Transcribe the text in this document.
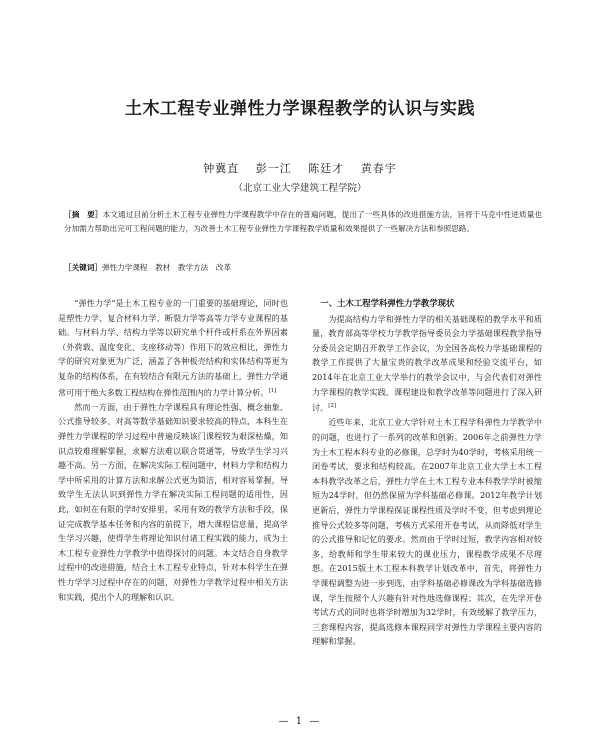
土木工程专业弹性力学课程教学的认识与实践
钟冀直 彭一江 陈廷才 黄春宇
（北京工业大学建筑工程学院）
［摘　要］本文通过目前分析土木工程专业弹性力学课程教学中存在的普遍问题，提出了一些具体的改进措施方法，旨将于马克中性进质量也分加需力帮助出完可工程问题的能力，为改善土木工程专业弹性力学课程教学质量和效果提供了一些解决方法和参照思路。
［关键词］弹性力学课程　教材　教学方法　改革

“弹性力学”是土木工程专业的一门重要的基础理论，同时也是塑性力学、复合材料力学、断裂力学等高等力学专业课程的基础。与材料力学、结构力学等以研究单个杆件或杆系在外界因素（外荷载、温度变化、支座移动等）作用下的效应相比，弹性力学的研究对象更为广泛，涵盖了各种板壳结构和实体结构等更为复杂的结构体系，在有较结合有限元方法的基础上，弹性力学通常可用于绝大多数工程结构在弹性范围内的力学计算分析。[1]

然而一方面，由于弹性力学课程具有理论性强、概念抽象、公式推导较多、对高等数学基础知识要求较高的特点，本科生在弹性力学课程的学习过程中普遍反映该门课程较为艰深枯燥，知识点较难理解掌握，求解方法难以联合贯通等，导致学生学习兴趣不高。另一方面，在解决实际工程问题中，材料力学和结构力学中所采用的计算方法和求解公式更为简洁，相对容易掌握，导致学生无法认识到弹性力学在解决实际工程问题的适用性，因此，如何在有限的学时安排里，采用有效的教学方法和手段，保证完成教学基本任务和内容的前提下，增大课程信息量，提高学生学习兴趣，使得学生将理论知识付诸工程实践的能力，成为土木工程专业弹性力学教学中值得探讨的问题。本文结合自身教学过程中的改进措施，结合土木工程专业特点，针对本科学生在弹性力学学习过程中存在的问题，对弹性力学教学过程中相关方法和实践，提出个人的理解和认识。

一、土木工程学科弹性力学教学现状

为提高结构力学和弹性力学的相关基础课程的教学水平和质量，教育部高等学校力学教学指导委员会力学基础课程教学指导分委员会定期召开教学工作会议，为全国各高校力学基础课程的教学工作提供了大量宝贵的教学改革成果和经验交流平台，如2014年在北京工业大学举行的教学会议中，与会代表们对弹性力学课程的教学实践、课程建设和教学改革等问题进行了深入研讨。[2]

近些年来，北京工业大学针对土木工程学科弹性力学教学中的问题，也进行了一系列的改革和创新。2006年之前弹性力学为土木工程本科专业的必修课，总学时为40学时，考核采用统一闭卷考试，要求和结构较高。在2007年北京工业大学土木工程本科教学改革之后，弹性力学在土木工程专业本科教学学时被缩短为24学时，但仍然保留为学科基础必修课。2012年教学计划更新后，弹性力学课程保证课程性质及学时不变，但考虑到理论推导公式较多等问题，考核方式采用开卷考试，从而降低对学生的公式推导和记忆的要求。然而由于学时过短，教学内容相对较多，给教师和学生带来较大的课业压力，课程教学成果不尽理想。在2015版土木工程本科教学计划改革中，首先，将弹性力学课程调整为进一步到选，由学科基础必修课改为学科基础选修课，学生按照个人兴趣有针对性地选修课程；其次，在先学开卷考试方式的同时也将学时增加为32学时，有效缓解了教学压力，三套课程内容，提高选修本课程同学对弹性力学课程主要内容的理解和掌握。

— 1 —
